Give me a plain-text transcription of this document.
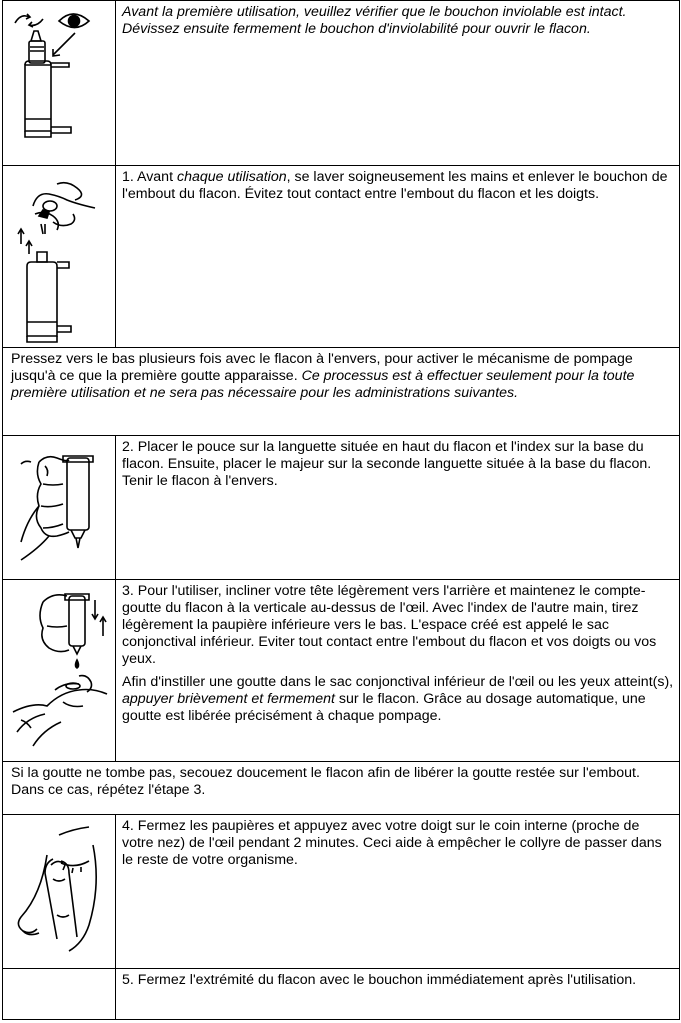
Avant la première utilisation, veuillez vérifier que le bouchon inviolable est intact. Dévissez ensuite fermement le bouchon d'inviolabilité pour ouvrir le flacon.

1. Avant chaque utilisation, se laver soigneusement les mains et enlever le bouchon de l'embout du flacon. Évitez tout contact entre l'embout du flacon et les doigts.

Pressez vers le bas plusieurs fois avec le flacon à l'envers, pour activer le mécanisme de pompage jusqu'à ce que la première goutte apparaisse. Ce processus est à effectuer seulement pour la toute première utilisation et ne sera pas nécessaire pour les administrations suivantes.	

2. Placer le pouce sur la languette située en haut du flacon et l'index sur la base du flacon. Ensuite, placer le majeur sur la seconde languette située à la base du flacon. Tenir le flacon à l'envers.

3. Pour l'utiliser, incliner votre tête légèrement vers l'arrière et maintenez le compte-goutte du flacon à la verticale au-dessus de l'œil. Avec l'index de l'autre main, tirez légèrement la paupière inférieure vers le bas. L'espace créé est appelé le sac conjonctival inférieur. Eviter tout contact entre l'embout du flacon et vos doigts ou vos yeux.

Afin d'instiller une goutte dans le sac conjonctival inférieur de l'œil ou les yeux atteint(s), appuyer brièvement et fermement sur le flacon. Grâce au dosage automatique, une goutte est libérée précisément à chaque pompage.

Si la goutte ne tombe pas, secouez doucement le flacon afin de libérer la goutte restée sur l'embout. Dans ce cas, répétez l'étape 3.	

4. Fermez les paupières et appuyez avec votre doigt sur le coin interne (proche de votre nez) de l'œil pendant 2 minutes. Ceci aide à empêcher le collyre de passer dans le reste de votre organisme.

	5. Fermez l'extrémité du flacon avec le bouchon immédiatement après l'utilisation.
